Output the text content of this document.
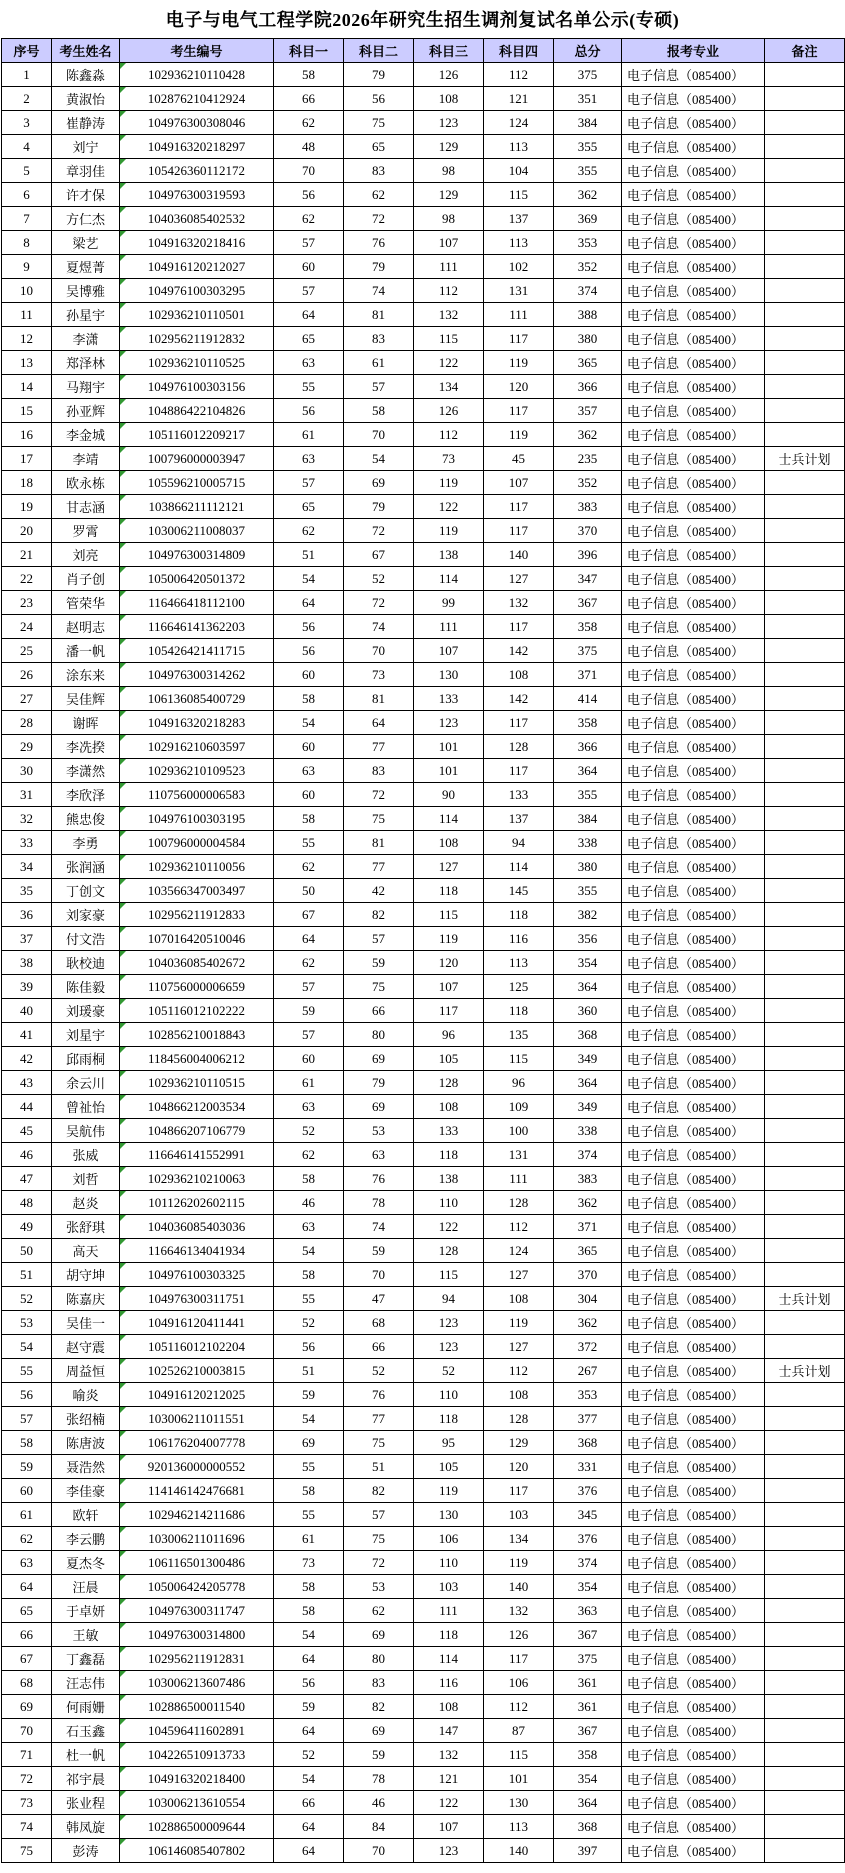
电子与电气工程学院2026年研究生招生调剂复试名单公示(专硕)
序号	考生姓名	考生编号	科目一	科目二	科目三	科目四	总分	报考专业	备注
1	陈鑫淼	102936210110428	58	79	126	112	375	电子信息（085400）	
2	黄淑怡	102876210412924	66	56	108	121	351	电子信息（085400）	
3	崔静涛	104976300308046	62	75	123	124	384	电子信息（085400）	
4	刘宁	104916320218297	48	65	129	113	355	电子信息（085400）	
5	章羽佳	105426360112172	70	83	98	104	355	电子信息（085400）	
6	许才保	104976300319593	56	62	129	115	362	电子信息（085400）	
7	方仁杰	104036085402532	62	72	98	137	369	电子信息（085400）	
8	梁艺	104916320218416	57	76	107	113	353	电子信息（085400）	
9	夏煜菁	104916120212027	60	79	111	102	352	电子信息（085400）	
10	吴博雅	104976100303295	57	74	112	131	374	电子信息（085400）	
11	孙星宇	102936210110501	64	81	132	111	388	电子信息（085400）	
12	李潇	102956211912832	65	83	115	117	380	电子信息（085400）	
13	郑泽林	102936210110525	63	61	122	119	365	电子信息（085400）	
14	马翔宇	104976100303156	55	57	134	120	366	电子信息（085400）	
15	孙亚辉	104886422104826	56	58	126	117	357	电子信息（085400）	
16	李金城	105116012209217	61	70	112	119	362	电子信息（085400）	
17	李靖	100796000003947	63	54	73	45	235	电子信息（085400）	士兵计划
18	欧永栋	105596210005715	57	69	119	107	352	电子信息（085400）	
19	甘志涵	103866211112121	65	79	122	117	383	电子信息（085400）	
20	罗霄	103006211008037	62	72	119	117	370	电子信息（085400）	
21	刘亮	104976300314809	51	67	138	140	396	电子信息（085400）	
22	肖子创	105006420501372	54	52	114	127	347	电子信息（085400）	
23	管荣华	116466418112100	64	72	99	132	367	电子信息（085400）	
24	赵明志	116646141362203	56	74	111	117	358	电子信息（085400）	
25	潘一帆	105426421411715	56	70	107	142	375	电子信息（085400）	
26	涂东来	104976300314262	60	73	130	108	371	电子信息（085400）	
27	吴佳辉	106136085400729	58	81	133	142	414	电子信息（085400）	
28	谢晖	104916320218283	54	64	123	117	358	电子信息（085400）	
29	李冼揆	102916210603597	60	77	101	128	366	电子信息（085400）	
30	李潇然	102936210109523	63	83	101	117	364	电子信息（085400）	
31	李欣泽	110756000006583	60	72	90	133	355	电子信息（085400）	
32	熊忠俊	104976100303195	58	75	114	137	384	电子信息（085400）	
33	李勇	100796000004584	55	81	108	94	338	电子信息（085400）	
34	张润涵	102936210110056	62	77	127	114	380	电子信息（085400）	
35	丁创文	103566347003497	50	42	118	145	355	电子信息（085400）	
36	刘家豪	102956211912833	67	82	115	118	382	电子信息（085400）	
37	付文浩	107016420510046	64	57	119	116	356	电子信息（085400）	
38	耿校迪	104036085402672	62	59	120	113	354	电子信息（085400）	
39	陈佳毅	110756000006659	57	75	107	125	364	电子信息（085400）	
40	刘瑗豪	105116012102222	59	66	117	118	360	电子信息（085400）	
41	刘星宇	102856210018843	57	80	96	135	368	电子信息（085400）	
42	邱雨桐	118456004006212	60	69	105	115	349	电子信息（085400）	
43	余云川	102936210110515	61	79	128	96	364	电子信息（085400）	
44	曾祉怡	104866212003534	63	69	108	109	349	电子信息（085400）	
45	吴航伟	104866207106779	52	53	133	100	338	电子信息（085400）	
46	张威	116646141552991	62	63	118	131	374	电子信息（085400）	
47	刘哲	102936210210063	58	76	138	111	383	电子信息（085400）	
48	赵炎	101126202602115	46	78	110	128	362	电子信息（085400）	
49	张舒琪	104036085403036	63	74	122	112	371	电子信息（085400）	
50	高天	116646134041934	54	59	128	124	365	电子信息（085400）	
51	胡守坤	104976100303325	58	70	115	127	370	电子信息（085400）	
52	陈嘉庆	104976300311751	55	47	94	108	304	电子信息（085400）	士兵计划
53	吴佳一	104916120411441	52	68	123	119	362	电子信息（085400）	
54	赵守震	105116012102204	56	66	123	127	372	电子信息（085400）	
55	周益恒	102526210003815	51	52	52	112	267	电子信息（085400）	士兵计划
56	喻炎	104916120212025	59	76	110	108	353	电子信息（085400）	
57	张绍楠	103006211011551	54	77	118	128	377	电子信息（085400）	
58	陈唐波	106176204007778	69	75	95	129	368	电子信息（085400）	
59	聂浩然	920136000000552	55	51	105	120	331	电子信息（085400）	
60	李佳豪	114146142476681	58	82	119	117	376	电子信息（085400）	
61	欧轩	102946214211686	55	57	130	103	345	电子信息（085400）	
62	李云鹏	103006211011696	61	75	106	134	376	电子信息（085400）	
63	夏杰冬	106116501300486	73	72	110	119	374	电子信息（085400）	
64	汪晨	105006424205778	58	53	103	140	354	电子信息（085400）	
65	于卓妍	104976300311747	58	62	111	132	363	电子信息（085400）	
66	王敏	104976300314800	54	69	118	126	367	电子信息（085400）	
67	丁鑫磊	102956211912831	64	80	114	117	375	电子信息（085400）	
68	汪志伟	103006213607486	56	83	116	106	361	电子信息（085400）	
69	何雨姗	102886500011540	59	82	108	112	361	电子信息（085400）	
70	石玉鑫	104596411602891	64	69	147	87	367	电子信息（085400）	
71	杜一帆	104226510913733	52	59	132	115	358	电子信息（085400）	
72	祁宇晨	104916320218400	54	78	121	101	354	电子信息（085400）	
73	张业程	103006213610554	66	46	122	130	364	电子信息（085400）	
74	韩凤旋	102886500009644	64	84	107	113	368	电子信息（085400）	
75	彭涛	106146085407802	64	70	123	140	397	电子信息（085400）	
